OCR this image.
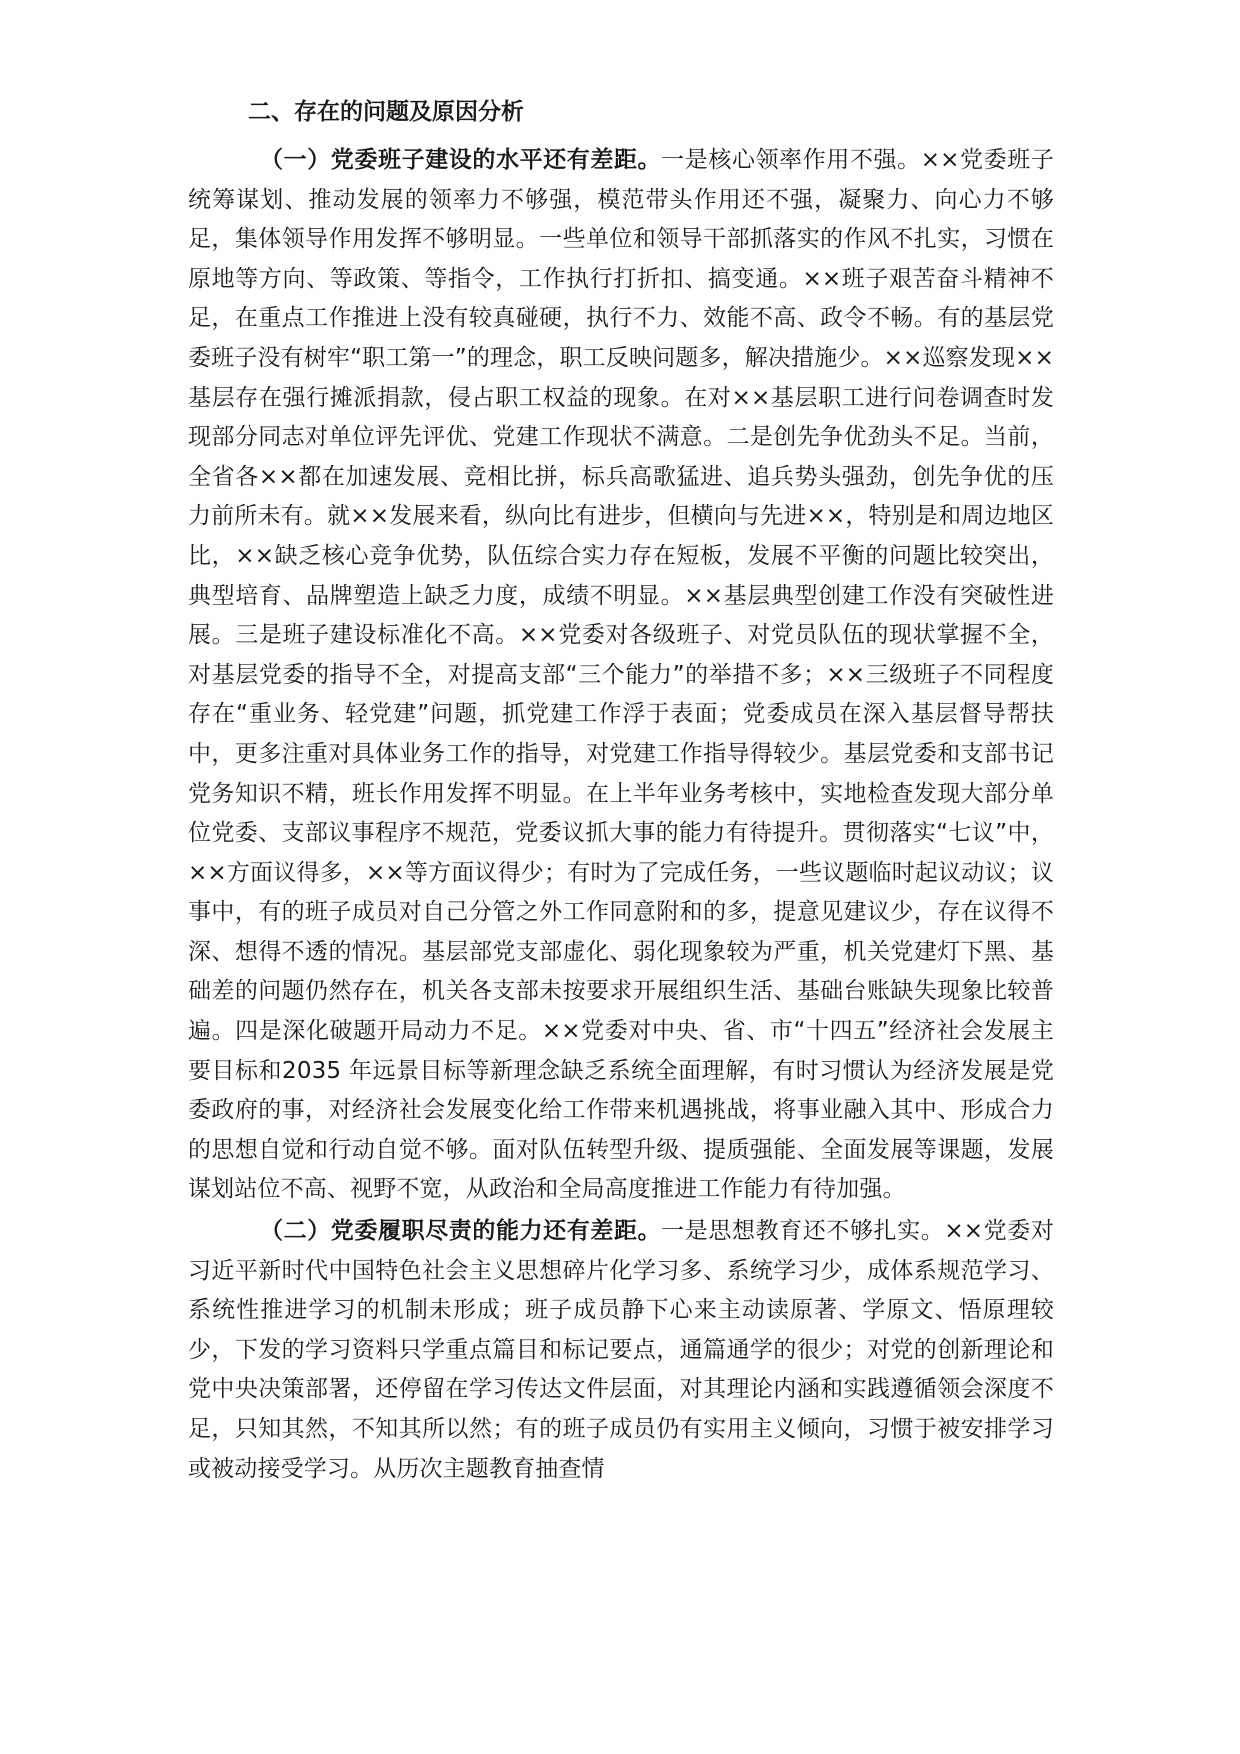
二、存在的问题及原因分析

（一）党委班子建设的水平还有差距。一是核心领率作用不强。××党委班子统筹谋划、推动发展的领率力不够强，模范带头作用还不强，凝聚力、向心力不够足，集体领导作用发挥不够明显。一些单位和领导干部抓落实的作风不扎实，习惯在原地等方向、等政策、等指令，工作执行打折扣、搞变通。××班子艰苦奋斗精神不足，在重点工作推进上没有较真碰硬，执行不力、效能不高、政令不畅。有的基层党委班子没有树牢“职工第一”的理念，职工反映问题多，解决措施少。××巡察发现××基层存在强行摊派捐款，侵占职工权益的现象。在对××基层职工进行问卷调查时发现部分同志对单位评先评优、党建工作现状不满意。二是创先争优劲头不足。当前，全省各××都在加速发展、竞相比拼，标兵高歌猛进、追兵势头强劲，创先争优的压力前所未有。就××发展来看，纵向比有进步，但横向与先进××，特别是和周边地区比，××缺乏核心竞争优势，队伍综合实力存在短板，发展不平衡的问题比较突出，典型培育、品牌塑造上缺乏力度，成绩不明显。××基层典型创建工作没有突破性进展。三是班子建设标准化不高。××党委对各级班子、对党员队伍的现状掌握不全，对基层党委的指导不全，对提高支部“三个能力”的举措不多；××三级班子不同程度存在“重业务、轻党建”问题，抓党建工作浮于表面；党委成员在深入基层督导帮扶中，更多注重对具体业务工作的指导，对党建工作指导得较少。基层党委和支部书记党务知识不精，班长作用发挥不明显。在上半年业务考核中，实地检查发现大部分单位党委、支部议事程序不规范，党委议抓大事的能力有待提升。贯彻落实“七议”中，××方面议得多，××等方面议得少；有时为了完成任务，一些议题临时起议动议；议事中，有的班子成员对自己分管之外工作同意附和的多，提意见建议少，存在议得不深、想得不透的情况。基层部党支部虚化、弱化现象较为严重，机关党建灯下黑、基础差的问题仍然存在，机关各支部未按要求开展组织生活、基础台账缺失现象比较普遍。四是深化破题开局动力不足。××党委对中央、省、市“十四五”经济社会发展主要目标和2035 年远景目标等新理念缺乏系统全面理解，有时习惯认为经济发展是党委政府的事，对经济社会发展变化给工作带来机遇挑战，将事业融入其中、形成合力的思想自觉和行动自觉不够。面对队伍转型升级、提质强能、全面发展等课题，发展谋划站位不高、视野不宽，从政治和全局高度推进工作能力有待加强。

（二）党委履职尽责的能力还有差距。一是思想教育还不够扎实。××党委对习近平新时代中国特色社会主义思想碎片化学习多、系统学习少，成体系规范学习、系统性推进学习的机制未形成；班子成员静下心来主动读原著、学原文、悟原理较少，下发的学习资料只学重点篇目和标记要点，通篇通学的很少；对党的创新理论和党中央决策部署，还停留在学习传达文件层面，对其理论内涵和实践遵循领会深度不足，只知其然，不知其所以然；有的班子成员仍有实用主义倾向，习惯于被安排学习或被动接受学习。从历次主题教育抽查情
